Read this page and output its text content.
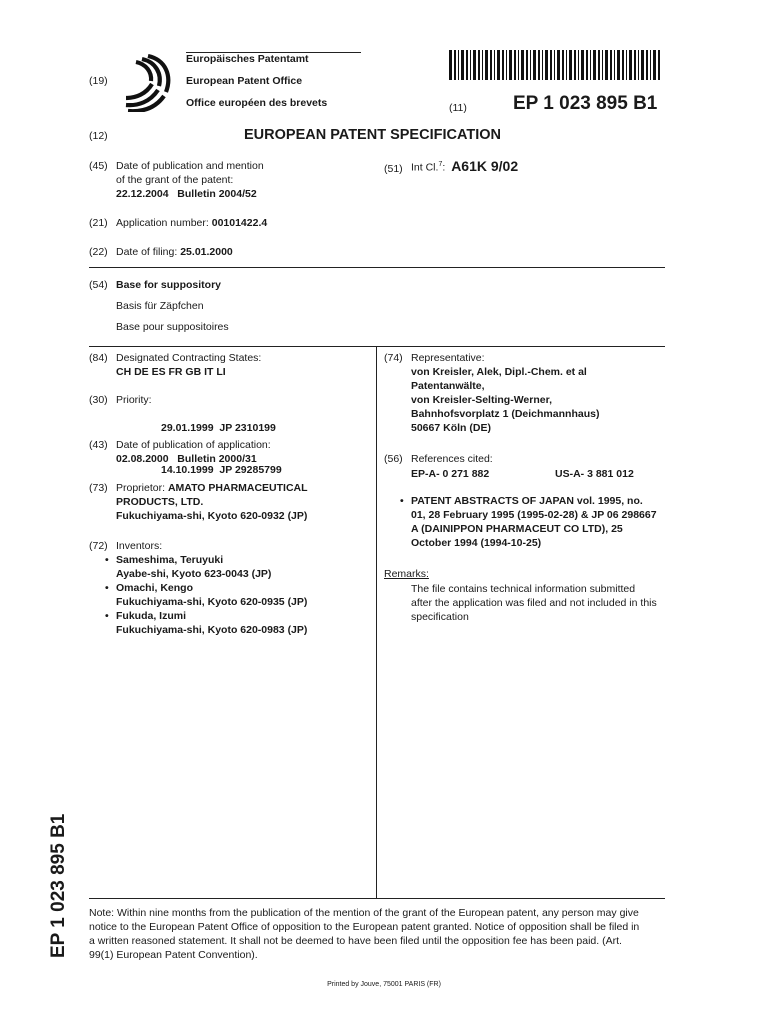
(19)
Europäisches Patentamt
European Patent Office
Office européen des brevets	(11) EP 1 023 895 B1
(12)	EUROPEAN PATENT SPECIFICATION
(45) Date of publication and mention
of the grant of the patent:
22.12.2004   Bulletin 2004/52
(51) Int Cl.$^7$: A61K 9/02
(21) Application number: 00101422.4
(22) Date of filing: 25.01.2000
(54) Base for suppository
Basis für Zäpfchen
Base pour suppositoires
(84) Designated Contracting States:
CH DE ES FR GB IT LI
(30) Priority:

29.01.1999  JP 2310199

14.10.1999  JP 29285799

(43) Date of publication of application:
02.08.2000   Bulletin 2000/31
(73) Proprietor: AMATO PHARMACEUTICAL
PRODUCTS, LTD.
Fukuchiyama-shi, Kyoto 620-0932 (JP)
(72) Inventors:
• Sameshima, Teruyuki
Ayabe-shi, Kyoto 623-0043 (JP)
• Omachi, Kengo
Fukuchiyama-shi, Kyoto 620-0935 (JP)
• Fukuda, Izumi
Fukuchiyama-shi, Kyoto 620-0983 (JP)
(74) Representative:
von Kreisler, Alek, Dipl.-Chem. et al
Patentanwälte,
von Kreisler-Selting-Werner,
Bahnhofsvorplatz 1 (Deichmannhaus)
50667 Köln (DE)
(56) References cited:
EP-A- 0 271 882	US-A- 3 881 012
• PATENT ABSTRACTS OF JAPAN vol. 1995, no.
01, 28 February 1995 (1995-02-28) & JP 06 298667
A (DAINIPPON PHARMACEUT CO LTD), 25
October 1994 (1994-10-25)
Remarks:
The file contains technical information submitted
after the application was filed and not included in this
specification
EP 1 023 895 B1 Note: Within nine months from the publication of the mention of the grant of the European patent, any person may give
notice to the European Patent Office of opposition to the European patent granted. Notice of opposition shall be filed in
a written reasoned statement. It shall not be deemed to have been filed until the opposition fee has been paid. (Art.
99(1) European Patent Convention).
Printed by Jouve, 75001 PARIS (FR)
